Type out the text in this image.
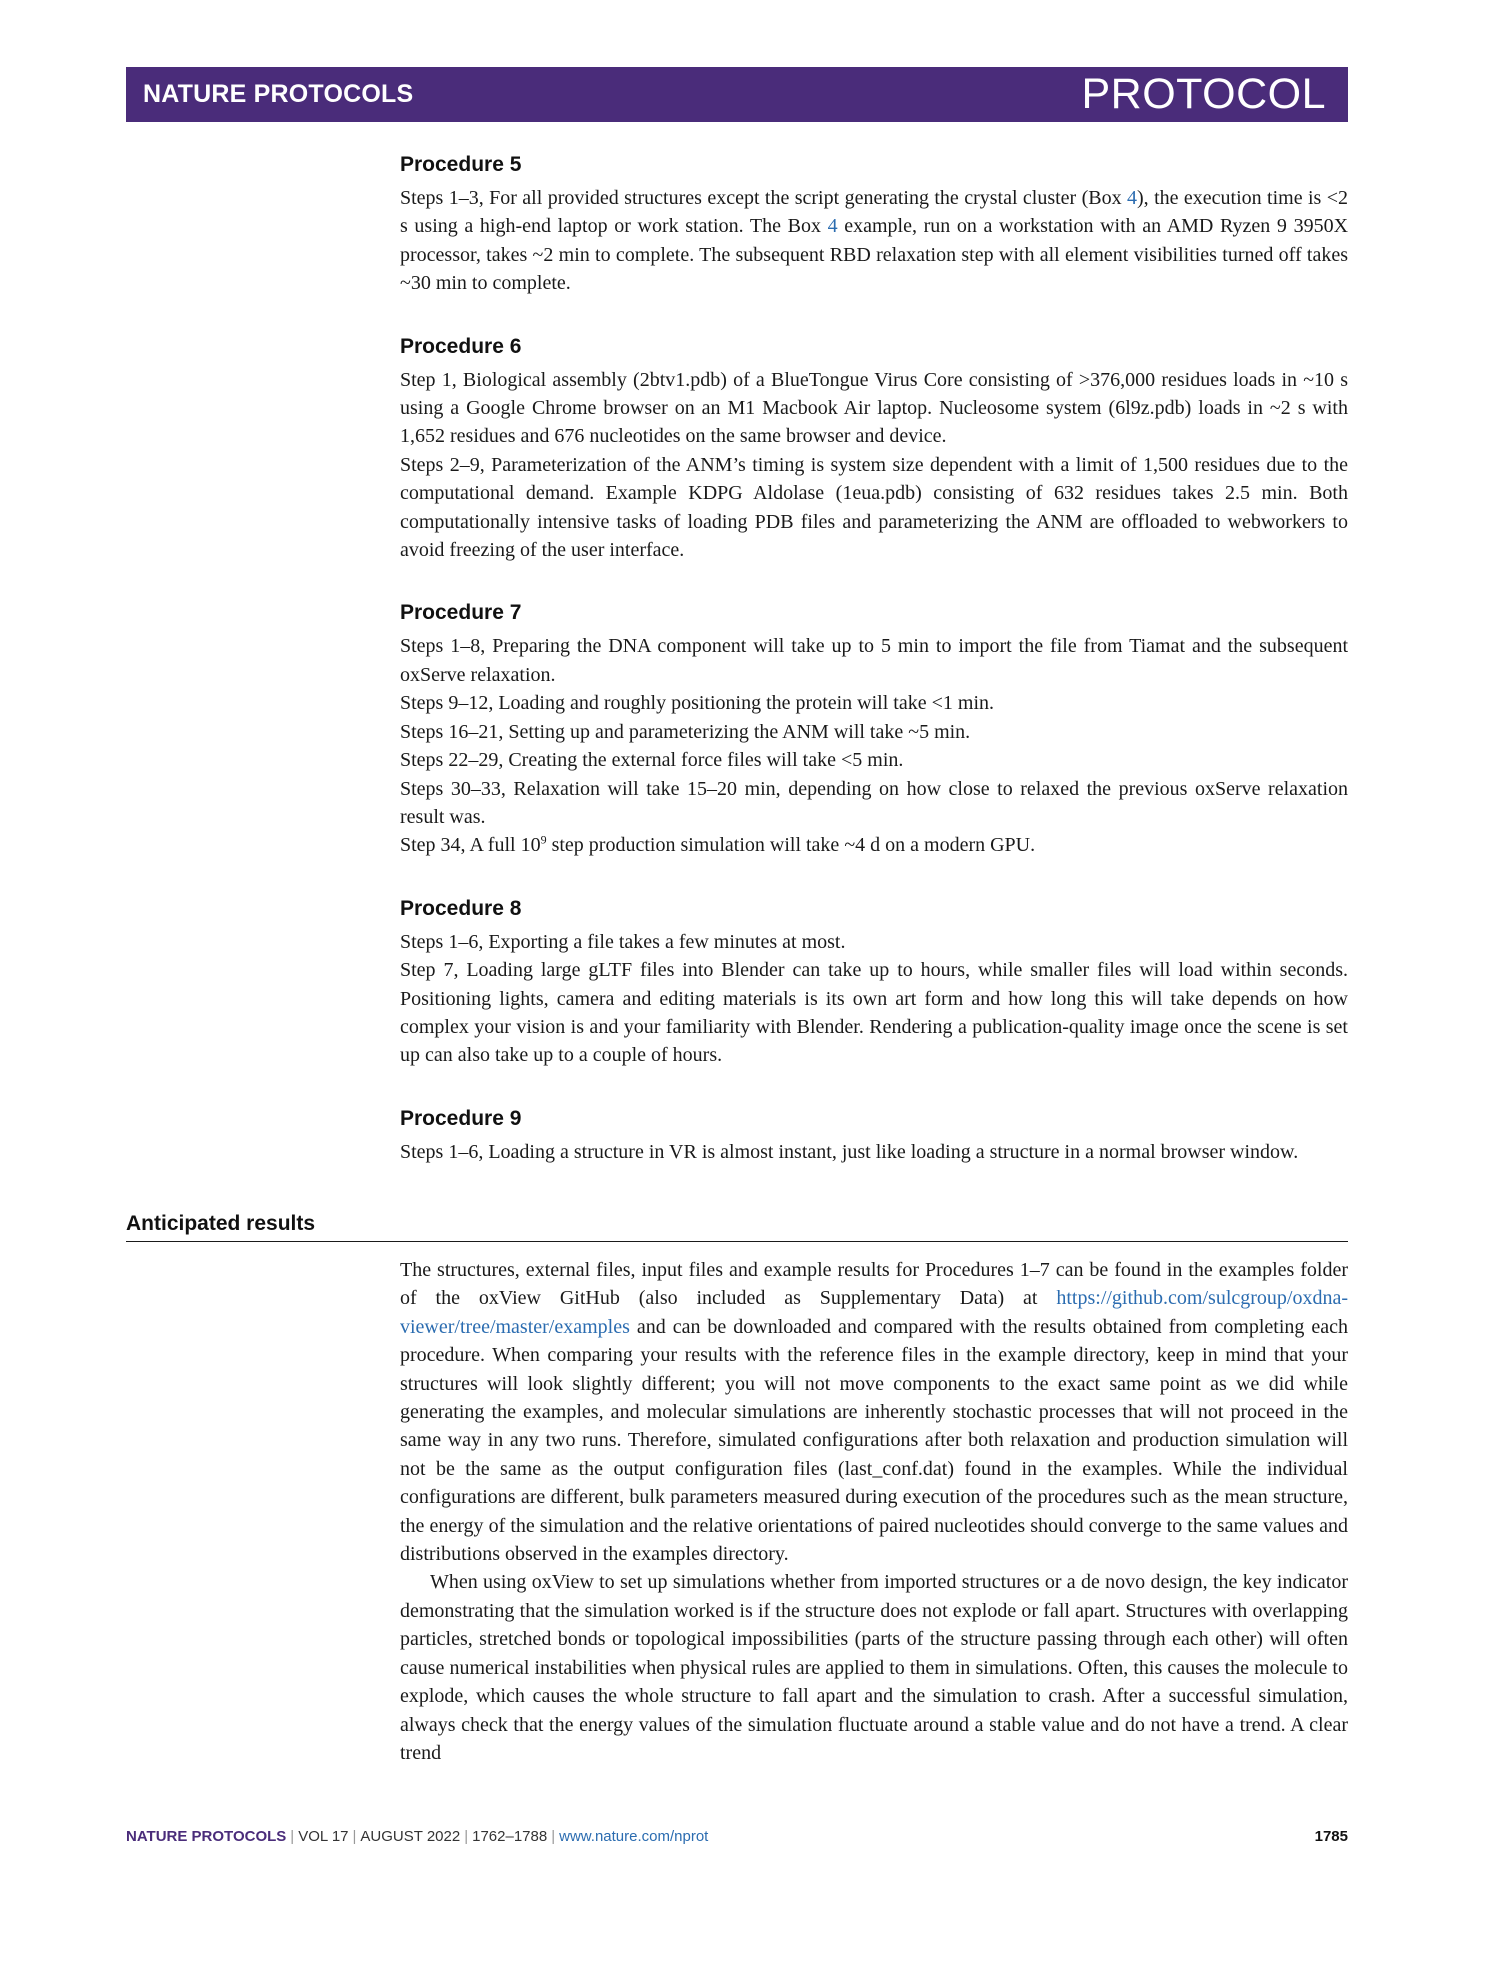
NATURE PROTOCOLS	PROTOCOL
Procedure 5

Steps 1–3, For all provided structures except the script generating the crystal cluster (Box 4), the execution time is <2 s using a high-end laptop or work station. The Box 4 example, run on a workstation with an AMD Ryzen 9 3950X processor, takes ~2 min to complete. The subsequent RBD relaxation step with all element visibilities turned off takes ~30 min to complete.

Procedure 6

Step 1, Biological assembly (2btv1.pdb) of a BlueTongue Virus Core consisting of >376,000 residues loads in ~10 s using a Google Chrome browser on an M1 Macbook Air laptop. Nucleosome system (6l9z.pdb) loads in ~2 s with 1,652 residues and 676 nucleotides on the same browser and device.

Steps 2–9, Parameterization of the ANM’s timing is system size dependent with a limit of 1,500 residues due to the computational demand. Example KDPG Aldolase (1eua.pdb) consisting of 632 residues takes 2.5 min. Both computationally intensive tasks of loading PDB files and parameterizing the ANM are offloaded to webworkers to avoid freezing of the user interface.

Procedure 7

Steps 1–8, Preparing the DNA component will take up to 5 min to import the file from Tiamat and the subsequent oxServe relaxation.

Steps 9–12, Loading and roughly positioning the protein will take <1 min.

Steps 16–21, Setting up and parameterizing the ANM will take ~5 min.

Steps 22–29, Creating the external force files will take <5 min.

Steps 30–33, Relaxation will take 15–20 min, depending on how close to relaxed the previous oxServe relaxation result was.

Step 34, A full $10^9$ step production simulation will take ~4 d on a modern GPU.

Procedure 8

Steps 1–6, Exporting a file takes a few minutes at most.

Step 7, Loading large gLTF files into Blender can take up to hours, while smaller files will load within seconds. Positioning lights, camera and editing materials is its own art form and how long this will take depends on how complex your vision is and your familiarity with Blender. Rendering a publication-quality image once the scene is set up can also take up to a couple of hours.

Procedure 9

Steps 1–6, Loading a structure in VR is almost instant, just like loading a structure in a normal browser window.

Anticipated results

The structures, external files, input files and example results for Procedures 1–7 can be found in the examples folder of the oxView GitHub (also included as Supplementary Data) at https://github.com/sulcgroup/oxdna-viewer/tree/master/examples and can be downloaded and compared with the results obtained from completing each procedure. When comparing your results with the reference files in the example directory, keep in mind that your structures will look slightly different; you will not move components to the exact same point as we did while generating the examples, and molecular simulations are inherently stochastic processes that will not proceed in the same way in any two runs. Therefore, simulated configurations after both relaxation and production simulation will not be the same as the output configuration files (last_conf.dat) found in the examples. While the individual configurations are different, bulk parameters measured during execution of the procedures such as the mean structure, the energy of the simulation and the relative orientations of paired nucleotides should converge to the same values and distributions observed in the examples directory.

When using oxView to set up simulations whether from imported structures or a de novo design, the key indicator demonstrating that the simulation worked is if the structure does not explode or fall apart. Structures with overlapping particles, stretched bonds or topological impossibilities (parts of the structure passing through each other) will often cause numerical instabilities when physical rules are applied to them in simulations. Often, this causes the molecule to explode, which causes the whole structure to fall apart and the simulation to crash. After a successful simulation, always check that the energy values of the simulation fluctuate around a stable value and do not have a trend. A clear trend

NATURE PROTOCOLS | VOL 17 | AUGUST 2022 | 1762–1788 | www.nature.com/nprot	1785
